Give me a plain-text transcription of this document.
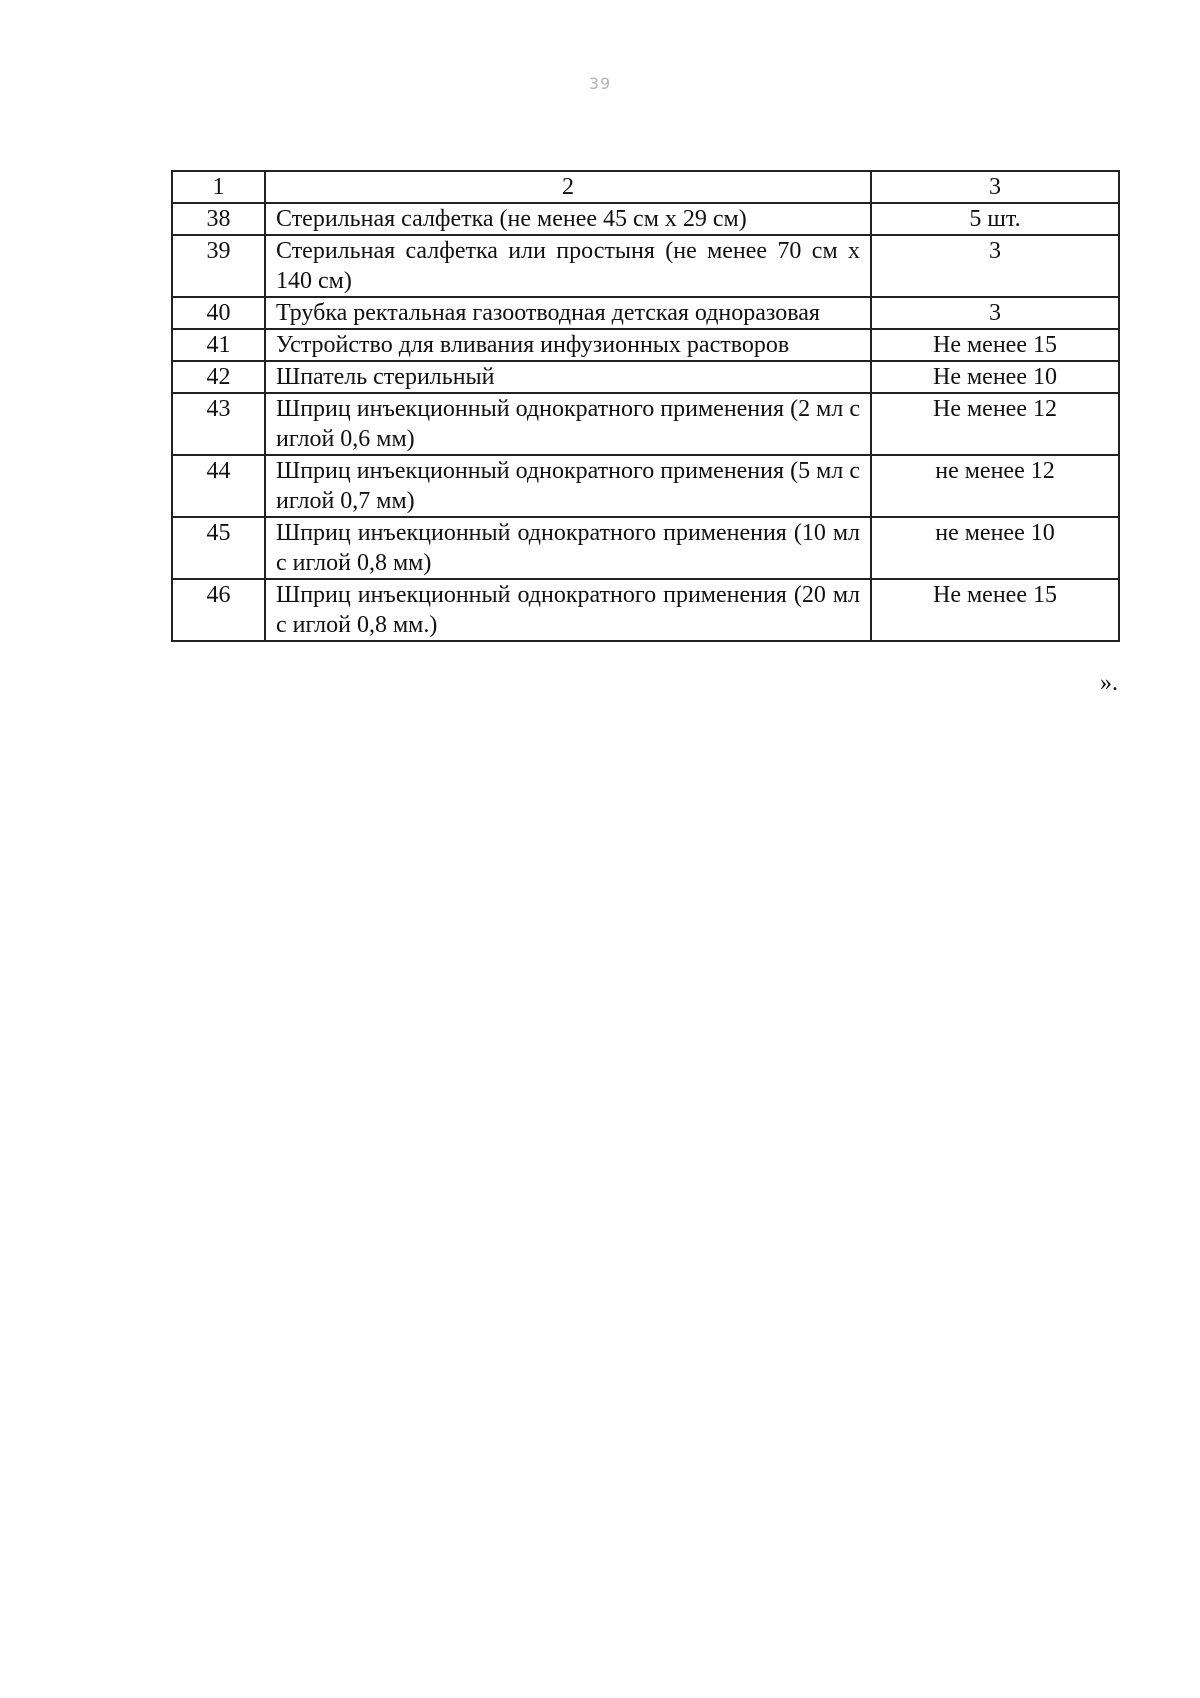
39
1	2	3
38	Стерильная салфетка (не менее 45 см х 29 см)	5 шт.
39	Стерильная салфетка или простыня (не менее 70 см х 140 см)	3
40	Трубка ректальная газоотводная детская одноразовая	3
41	Устройство для вливания инфузионных растворов	Не менее 15
42	Шпатель стерильный	Не менее 10
43	Шприц инъекционный однократного применения (2 мл с иглой 0,6 мм)	Не менее 12
44	Шприц инъекционный однократного применения (5 мл с иглой 0,7 мм)	не менее 12
45	Шприц инъекционный однократного применения (10 мл с иглой 0,8 мм)	не менее 10
46	Шприц инъекционный однократного применения (20 мл с иглой 0,8 мм.)	Не менее 15
».
